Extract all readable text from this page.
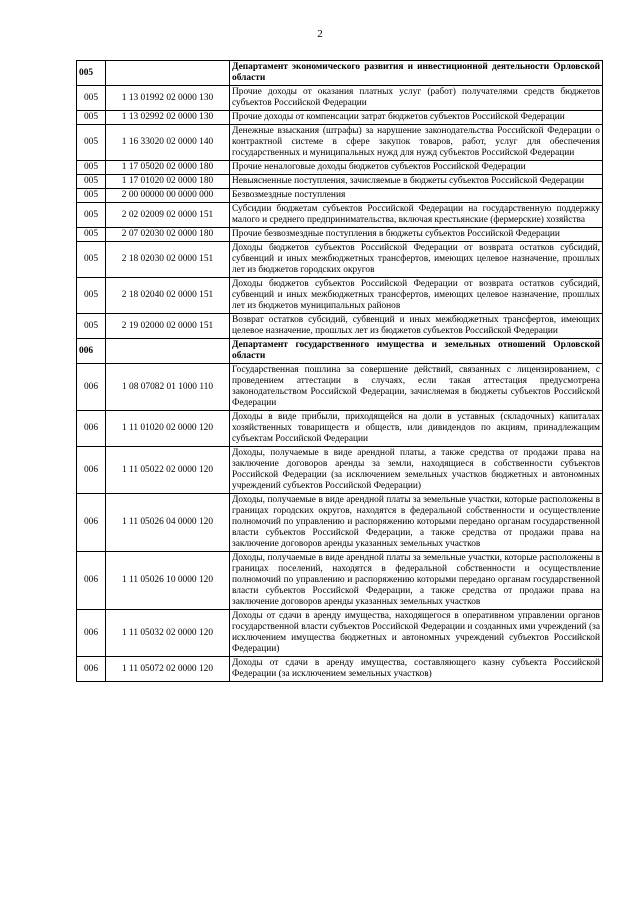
2
005		Департамент экономического развития и инвестиционной деятельности Орловской области
005	1 13 01992 02 0000 130	Прочие доходы от оказания платных услуг (работ) получателями средств бюджетов субъектов Российской Федерации
005	1 13 02992 02 0000 130	Прочие доходы от компенсации затрат бюджетов субъектов Российской Федерации
005	1 16 33020 02 0000 140	Денежные взыскания (штрафы) за нарушение законодательства Российской Федерации о контрактной системе в сфере закупок товаров, работ, услуг для обеспечения государственных и муниципальных нужд для нужд субъектов Российской Федерации
005	1 17 05020 02 0000 180	Прочие неналоговые доходы бюджетов субъектов Российской Федерации
005	1 17 01020 02 0000 180	Невыясненные поступления, зачисляемые в бюджеты субъектов Российской Федерации
005	2 00 00000 00 0000 000	Безвозмездные поступления
005	2 02 02009 02 0000 151	Субсидии бюджетам субъектов Российской Федерации на государственную поддержку малого и среднего предпринимательства, включая крестьянские (фермерские) хозяйства
005	2 07 02030 02 0000 180	Прочие безвозмездные поступления в бюджеты субъектов Российской Федерации
005	2 18 02030 02 0000 151	Доходы бюджетов субъектов Российской Федерации от возврата остатков субсидий, субвенций и иных межбюджетных трансфертов, имеющих целевое назначение, прошлых лет из бюджетов городских округов
005	2 18 02040 02 0000 151	Доходы бюджетов субъектов Российской Федерации от возврата остатков субсидий, субвенций и иных межбюджетных трансфертов, имеющих целевое назначение, прошлых лет из бюджетов муниципальных районов
005	2 19 02000 02 0000 151	Возврат остатков субсидий, субвенций и иных межбюджетных трансфертов, имеющих целевое назначение, прошлых лет из бюджетов субъектов Российской Федерации
006		Департамент государственного имущества и земельных отношений Орловской области
006	1 08 07082 01 1000 110	Государственная пошлина за совершение действий, связанных с лицензированием, с проведением аттестации в случаях, если такая аттестация предусмотрена законодательством Российской Федерации, зачисляемая в бюджеты субъектов Российской Федерации
006	1 11 01020 02 0000 120	Доходы в виде прибыли, приходящейся на доли в уставных (складочных) капиталах хозяйственных товариществ и обществ, или дивидендов по акциям, принадлежащим субъектам Российской Федерации
006	1 11 05022 02 0000 120	Доходы, получаемые в виде арендной платы, а также средства от продажи права на заключение договоров аренды за земли, находящиеся в собственности субъектов Российской Федерации (за исключением земельных участков бюджетных и автономных учреждений субъектов Российской Федерации)
006	1 11 05026 04 0000 120	Доходы, получаемые в виде арендной платы за земельные участки, которые расположены в границах городских округов, находятся в федеральной собственности и осуществление полномочий по управлению и распоряжению которыми передано органам государственной власти субъектов Российской Федерации, а также средства от продажи права на заключение договоров аренды указанных земельных участков
006	1 11 05026 10 0000 120	Доходы, получаемые в виде арендной платы за земельные участки, которые расположены в границах поселений, находятся в федеральной собственности и осуществление полномочий по управлению и распоряжению которыми передано органам государственной власти субъектов Российской Федерации, а также средства от продажи права на заключение договоров аренды указанных земельных участков
006	1 11 05032 02 0000 120	Доходы от сдачи в аренду имущества, находящегося в оперативном управлении органов государственной власти субъектов Российской Федерации и созданных ими учреждений (за исключением имущества бюджетных и автономных учреждений субъектов Российской Федерации)
006	1 11 05072 02 0000 120	Доходы от сдачи в аренду имущества, составляющего казну субъекта Российской Федерации (за исключением земельных участков)
